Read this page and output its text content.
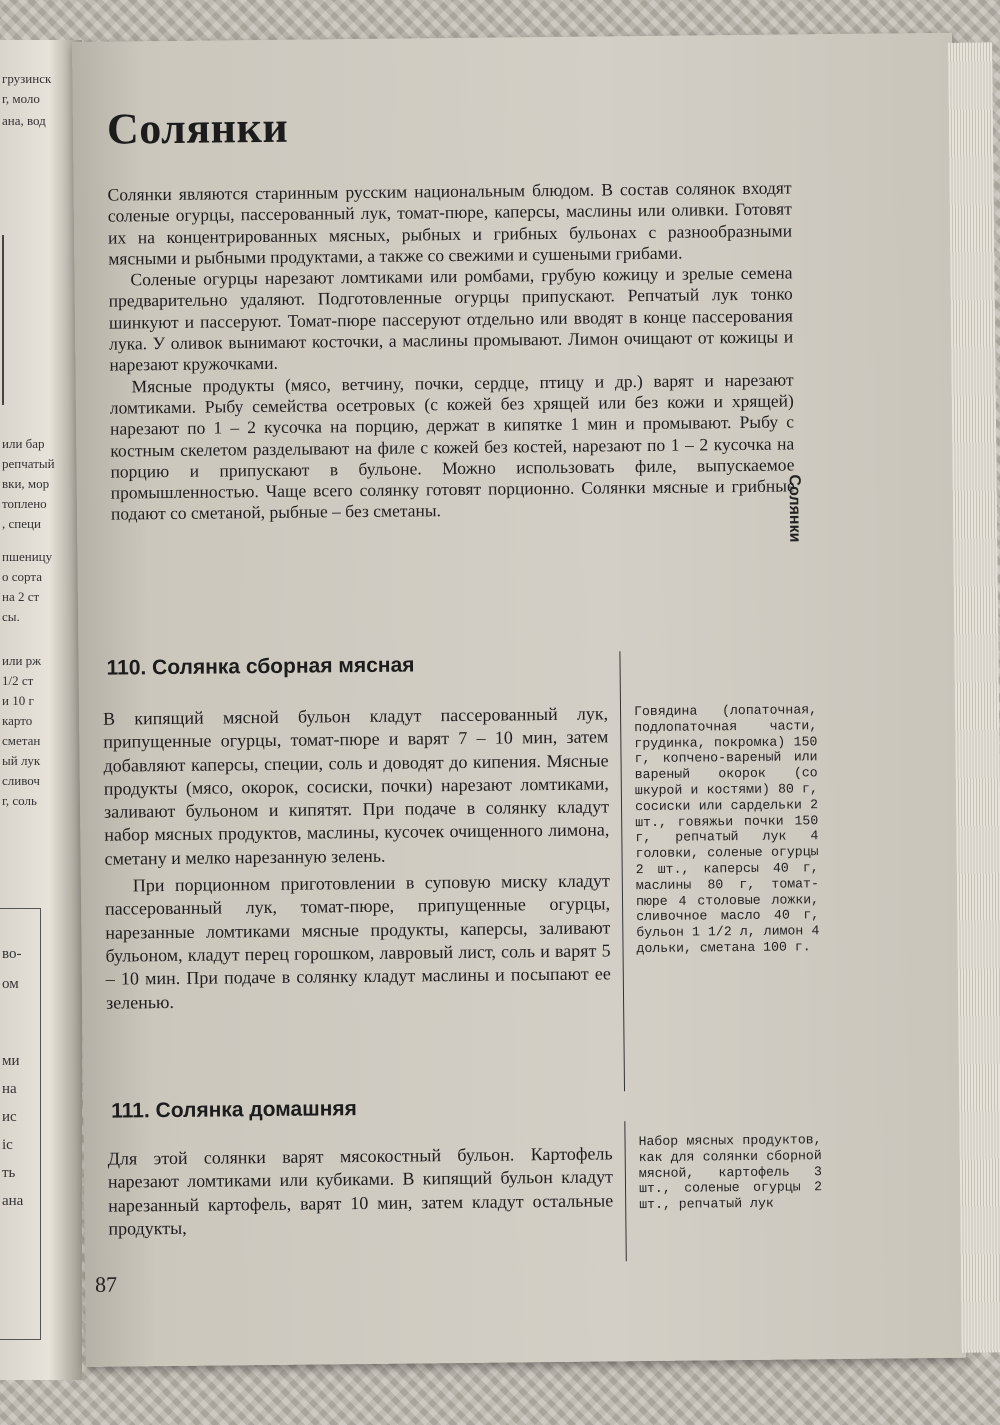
грузинск
г, моло
ана, вод
или бар
репчатый
вки, мор
топлено
, специ
пшеницу
о сорта
на 2 ст
сы.
или рж
1/2 ст
и 10 г
карто
сметан
ый лук
сливоч
г, соль
во-
ом
ми
на
ис
ic
ть
ана
Солянки
Солянки

Солянки являются старинным русским национальным блюдом. В состав солянок входят соленые огурцы, пассерованный лук, томат-пюре, каперсы, маслины или оливки. Готовят их на концентрированных мясных, рыбных и грибных бульонах с разнообразными мясными и рыбными продуктами, а также со свежими и сушеными грибами.

Соленые огурцы нарезают ломтиками или ромбами, грубую кожицу и зрелые семена предварительно удаляют. Подготовленные огурцы припускают. Репчатый лук тонко шинкуют и пассеруют. Томат-пюре пассеруют отдельно или вводят в конце пассерования лука. У оливок вынимают косточки, а маслины промывают. Лимон очищают от кожицы и нарезают кружочками.

Мясные продукты (мясо, ветчину, почки, сердце, птицу и др.) варят и нарезают ломтиками. Рыбу семейства осетровых (с кожей без хрящей или без кожи и хрящей) нарезают по 1 – 2 кусочка на порцию, держат в кипятке 1 мин и промывают. Рыбу с костным скелетом разделывают на филе с кожей без костей, нарезают по 1 – 2 кусочка на порцию и припускают в бульоне. Можно использовать филе, выпускаемое промышленностью. Чаще всего солянку готовят порционно. Солянки мясные и грибные подают со сметаной, рыбные – без сметаны.

110. Солянка сборная мясная

В кипящий мясной бульон кладут пассерованный лук, припущенные огурцы, томат-пюре и варят 7 – 10 мин, затем добавляют каперсы, специи, соль и доводят до кипения. Мясные продукты (мясо, окорок, сосиски, почки) нарезают ломтиками, заливают бульоном и кипятят. При подаче в солянку кладут набор мясных продуктов, маслины, кусочек очищенного лимона, сметану и мелко нарезанную зелень.

При порционном приготовлении в суповую миску кладут пассерованный лук, томат-пюре, припущенные огурцы, нарезанные ломтиками мясные продукты, каперсы, заливают бульоном, кладут перец горошком, лавровый лист, соль и варят 5 – 10 мин. При подаче в солянку кладут маслины и посыпают ее зеленью.

Говядина (лопаточная, подлопаточная части, грудинка, покромка) 150 г, копчено-вареный или вареный окорок (со шкурой и костями) 80 г, сосиски или сардельки 2 шт., говяжьи почки 150 г, репчатый лук 4 головки, соленые огурцы 2 шт., каперсы 40 г, маслины 80 г, томат-пюре 4 столовые ложки, сливочное масло 40 г, бульон 1 1/2 л, лимон 4 дольки, сметана 100 г.
111. Солянка домашняя

Для этой солянки варят мясокостный бульон. Картофель нарезают ломтиками или кубиками. В кипящий бульон кладут нарезанный картофель, варят 10 мин, затем кладут остальные продукты,

Набор мясных продуктов, как для солянки сборной мясной, картофель 3 шт., соленые огурцы 2 шт., репчатый лук
87
